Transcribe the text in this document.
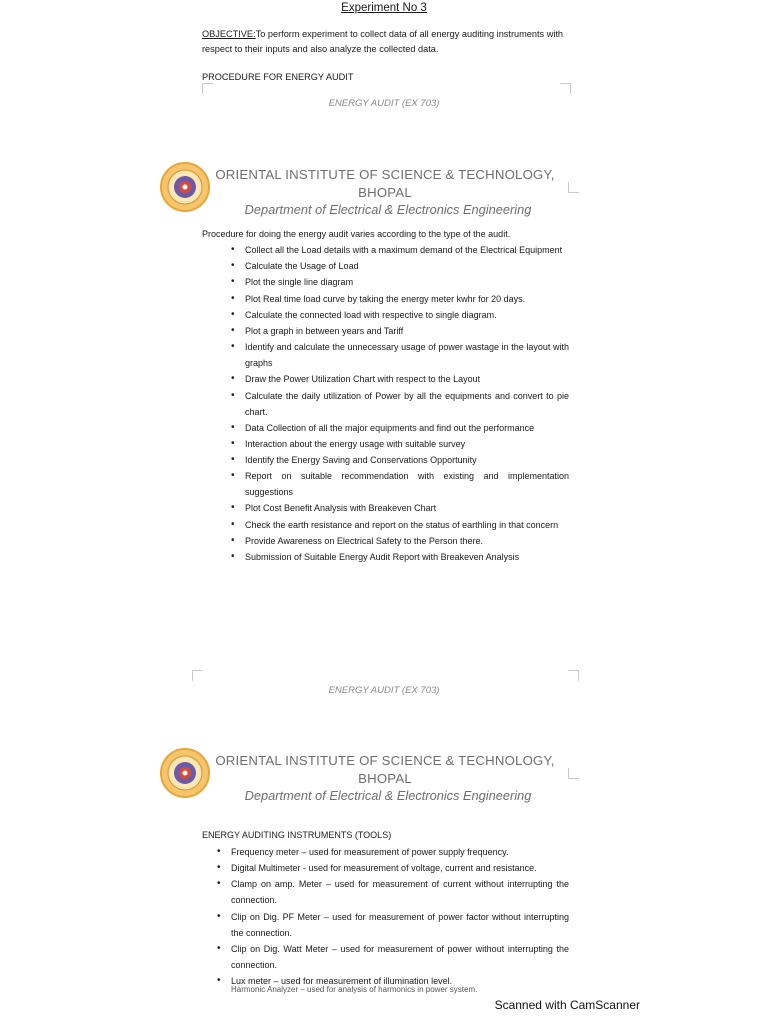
Experiment No 3
OBJECTIVE:To perform experiment to collect data of all energy auditing instruments with respect to their inputs and also analyze the collected data.
PROCEDURE FOR ENERGY AUDIT
ENERGY AUDIT (EX 703)
ORIENTAL INSTITUTE OF SCIENCE & TECHNOLOGY,
BHOPAL
Department of Electrical & Electronics Engineering
Procedure for doing the energy audit varies according to the type of the audit.
• Collect all the Load details with a maximum demand of the Electrical Equipment
• Calculate the Usage of Load
• Plot the single line diagram
• Plot Real time load curve by taking the energy meter kwhr for 20 days.
• Calculate the connected load with respective to single diagram.
• Plot a graph in between years and Tariff
• Identify and calculate the unnecessary usage of power wastage in the layout with graphs
• Draw the Power Utilization Chart with respect to the Layout
• Calculate the daily utilization of Power by all the equipments and convert to pie chart.
• Data Collection of all the major equipments and find out the performance
• Interaction about the energy usage with suitable survey
• Identify the Energy Saving and Conservations Opportunity
• Report on suitable recommendation with existing and implementation suggestions
• Plot Cost Benefit Analysis with Breakeven Chart
• Check the earth resistance and report on the status of earthling in that concern
• Provide Awareness on Electrical Safety to the Person there.
• Submission of Suitable Energy Audit Report with Breakeven Analysis
ENERGY AUDIT (EX 703)
ORIENTAL INSTITUTE OF SCIENCE & TECHNOLOGY,
BHOPAL
Department of Electrical & Electronics Engineering
ENERGY AUDITING INSTRUMENTS (TOOLS)
• Frequency meter – used for measurement of power supply frequency.
• Digital Multimeter - used for measurement of voltage, current and resistance.
• Clamp on amp. Meter – used for measurement of current without interrupting the connection.
• Clip on Dig. PF Meter – used for measurement of power factor without interrupting the connection.
• Clip on Dig. Watt Meter – used for measurement of power without interrupting the connection.
• Lux meter – used for measurement of illumination level.
Harmonic Analyzer – used for analysis of harmonics in power system.
Scanned with CamScanner
